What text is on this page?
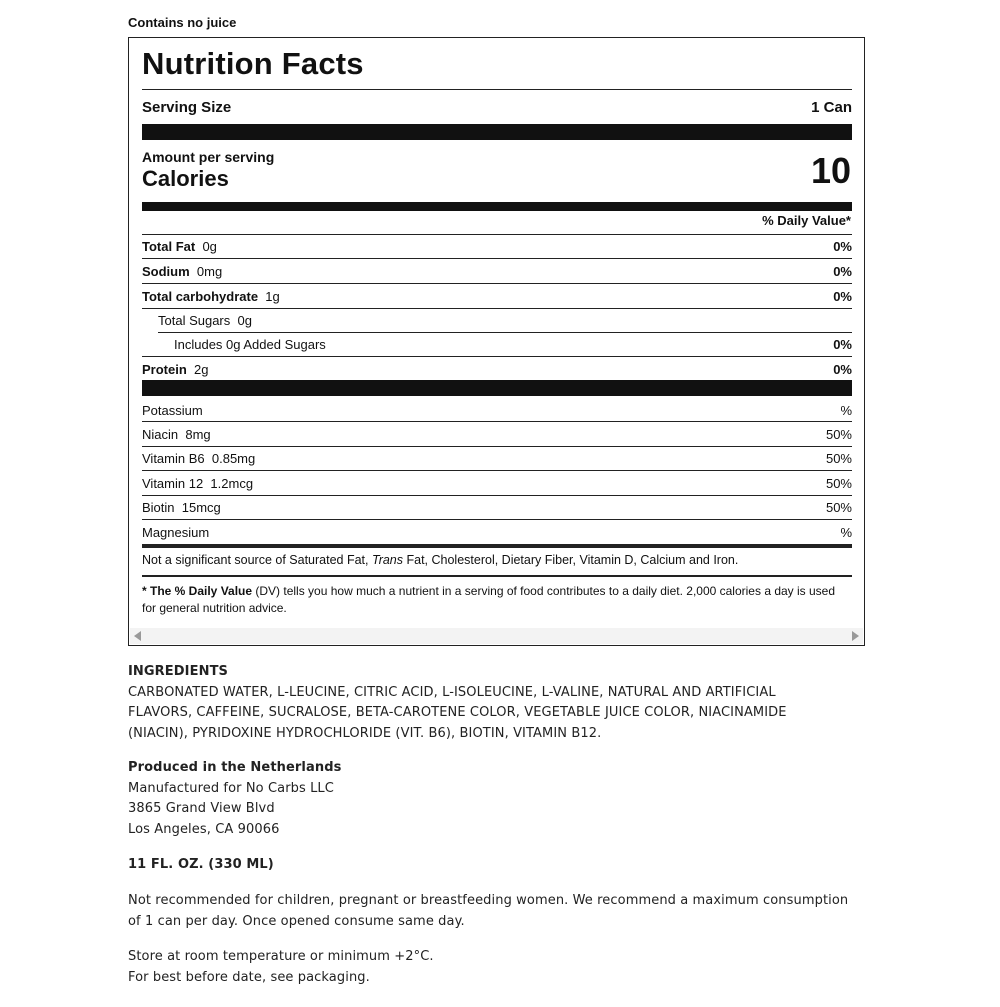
Contains no juice
Nutrition Facts
Serving Size	1 Can
Amount per serving
Calories	10
% Daily Value*
Total Fat 0g	0%
Sodium 0mg	0%
Total carbohydrate 1g	0%
Total Sugars 0g
Includes 0g Added Sugars	0%
Protein 2g	0%
Potassium	%
Niacin 8mg	50%
Vitamin B6 0.85mg	50%
Vitamin 12 1.2mcg	50%
Biotin 15mcg	50%
Magnesium	%
Not a significant source of Saturated Fat, Trans Fat, Cholesterol, Dietary Fiber, Vitamin D, Calcium and Iron.
* The % Daily Value (DV) tells you how much a nutrient in a serving of food contributes to a daily diet. 2,000 calories a day is used for general nutrition advice.
INGREDIENTS
CARBONATED WATER, L-LEUCINE, CITRIC ACID, L-ISOLEUCINE, L-VALINE, NATURAL AND ARTIFICIAL
FLAVORS, CAFFEINE, SUCRALOSE, BETA-CAROTENE COLOR, VEGETABLE JUICE COLOR, NIACINAMIDE
(NIACIN), PYRIDOXINE HYDROCHLORIDE (VIT. B6), BIOTIN, VITAMIN B12.
Produced in the Netherlands
Manufactured for No Carbs LLC
3865 Grand View Blvd
Los Angeles, CA 90066
11 FL. OZ. (330 ML)
Not recommended for children, pregnant or breastfeeding women. We recommend a maximum consumption
of 1 can per day. Once opened consume same day.
Store at room temperature or minimum +2°C.
For best before date, see packaging.
